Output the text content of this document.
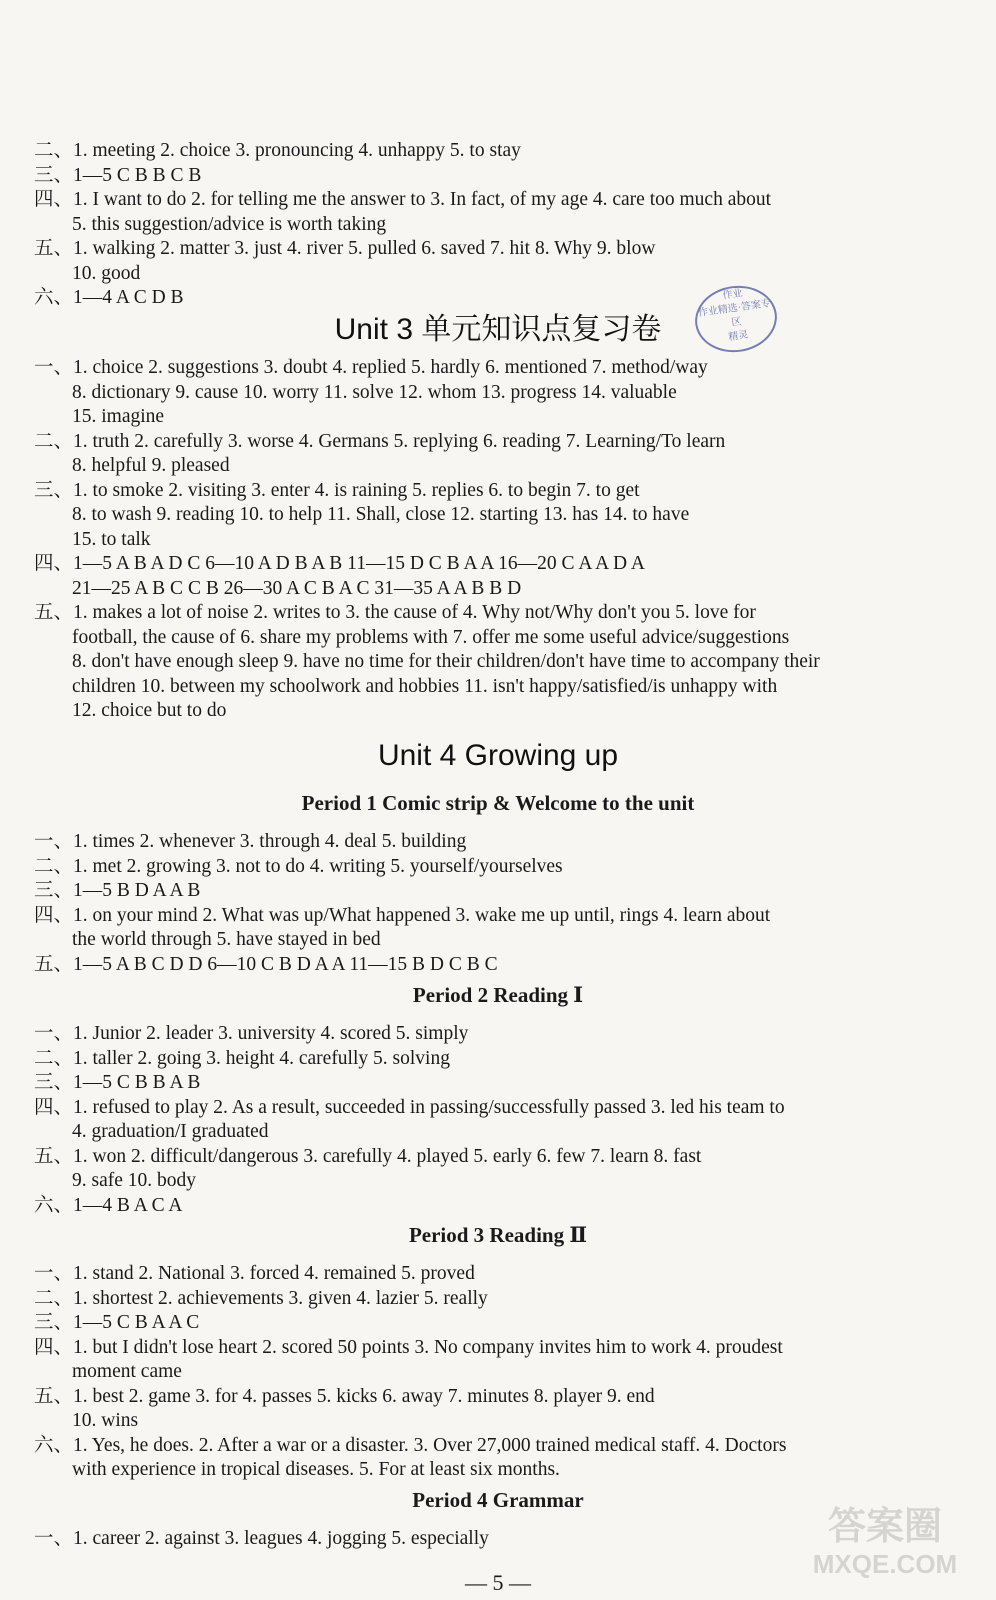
二、1. meeting 2. choice 3. pronouncing 4. unhappy 5. to stay
三、1—5 C B B C B
四、1. I want to do 2. for telling me the answer to 3. In fact, of my age 4. care too much about
5. this suggestion/advice is worth taking
五、1. walking 2. matter 3. just 4. river 5. pulled 6. saved 7. hit 8. Why 9. blow
10. good
六、1—4 A C D B
Unit 3 单元知识点复习卷
作业
作业精选·答案专区
精灵
一、1. choice 2. suggestions 3. doubt 4. replied 5. hardly 6. mentioned 7. method/way
8. dictionary 9. cause 10. worry 11. solve 12. whom 13. progress 14. valuable
15. imagine
二、1. truth 2. carefully 3. worse 4. Germans 5. replying 6. reading 7. Learning/To learn
8. helpful 9. pleased
三、1. to smoke 2. visiting 3. enter 4. is raining 5. replies 6. to begin 7. to get
8. to wash 9. reading 10. to help 11. Shall, close 12. starting 13. has 14. to have
15. to talk
四、1—5 A B A D C 6—10 A D B A B 11—15 D C B A A 16—20 C A A D A
21—25 A B C C B 26—30 A C B A C 31—35 A A B B D
五、1. makes a lot of noise 2. writes to 3. the cause of 4. Why not/Why don't you 5. love for
football, the cause of 6. share my problems with 7. offer me some useful advice/suggestions
8. don't have enough sleep 9. have no time for their children/don't have time to accompany their
children 10. between my schoolwork and hobbies 11. isn't happy/satisfied/is unhappy with
12. choice but to do
Unit 4 Growing up
Period 1 Comic strip & Welcome to the unit
一、1. times 2. whenever 3. through 4. deal 5. building
二、1. met 2. growing 3. not to do 4. writing 5. yourself/yourselves
三、1—5 B D A A B
四、1. on your mind 2. What was up/What happened 3. wake me up until, rings 4. learn about
the world through 5. have stayed in bed
五、1—5 A B C D D 6—10 C B D A A 11—15 B D C B C
Period 2 Reading Ⅰ
一、1. Junior 2. leader 3. university 4. scored 5. simply
二、1. taller 2. going 3. height 4. carefully 5. solving
三、1—5 C B B A B
四、1. refused to play 2. As a result, succeeded in passing/successfully passed 3. led his team to
4. graduation/I graduated
五、1. won 2. difficult/dangerous 3. carefully 4. played 5. early 6. few 7. learn 8. fast
9. safe 10. body
六、1—4 B A C A
Period 3 Reading Ⅱ
一、1. stand 2. National 3. forced 4. remained 5. proved
二、1. shortest 2. achievements 3. given 4. lazier 5. really
三、1—5 C B A A C
四、1. but I didn't lose heart 2. scored 50 points 3. No company invites him to work 4. proudest
moment came
五、1. best 2. game 3. for 4. passes 5. kicks 6. away 7. minutes 8. player 9. end
10. wins
六、1. Yes, he does. 2. After a war or a disaster. 3. Over 27,000 trained medical staff. 4. Doctors
with experience in tropical diseases. 5. For at least six months.
Period 4 Grammar
一、1. career 2. against 3. leagues 4. jogging 5. especially
— 5 —
答案圈
MXQE.COM
